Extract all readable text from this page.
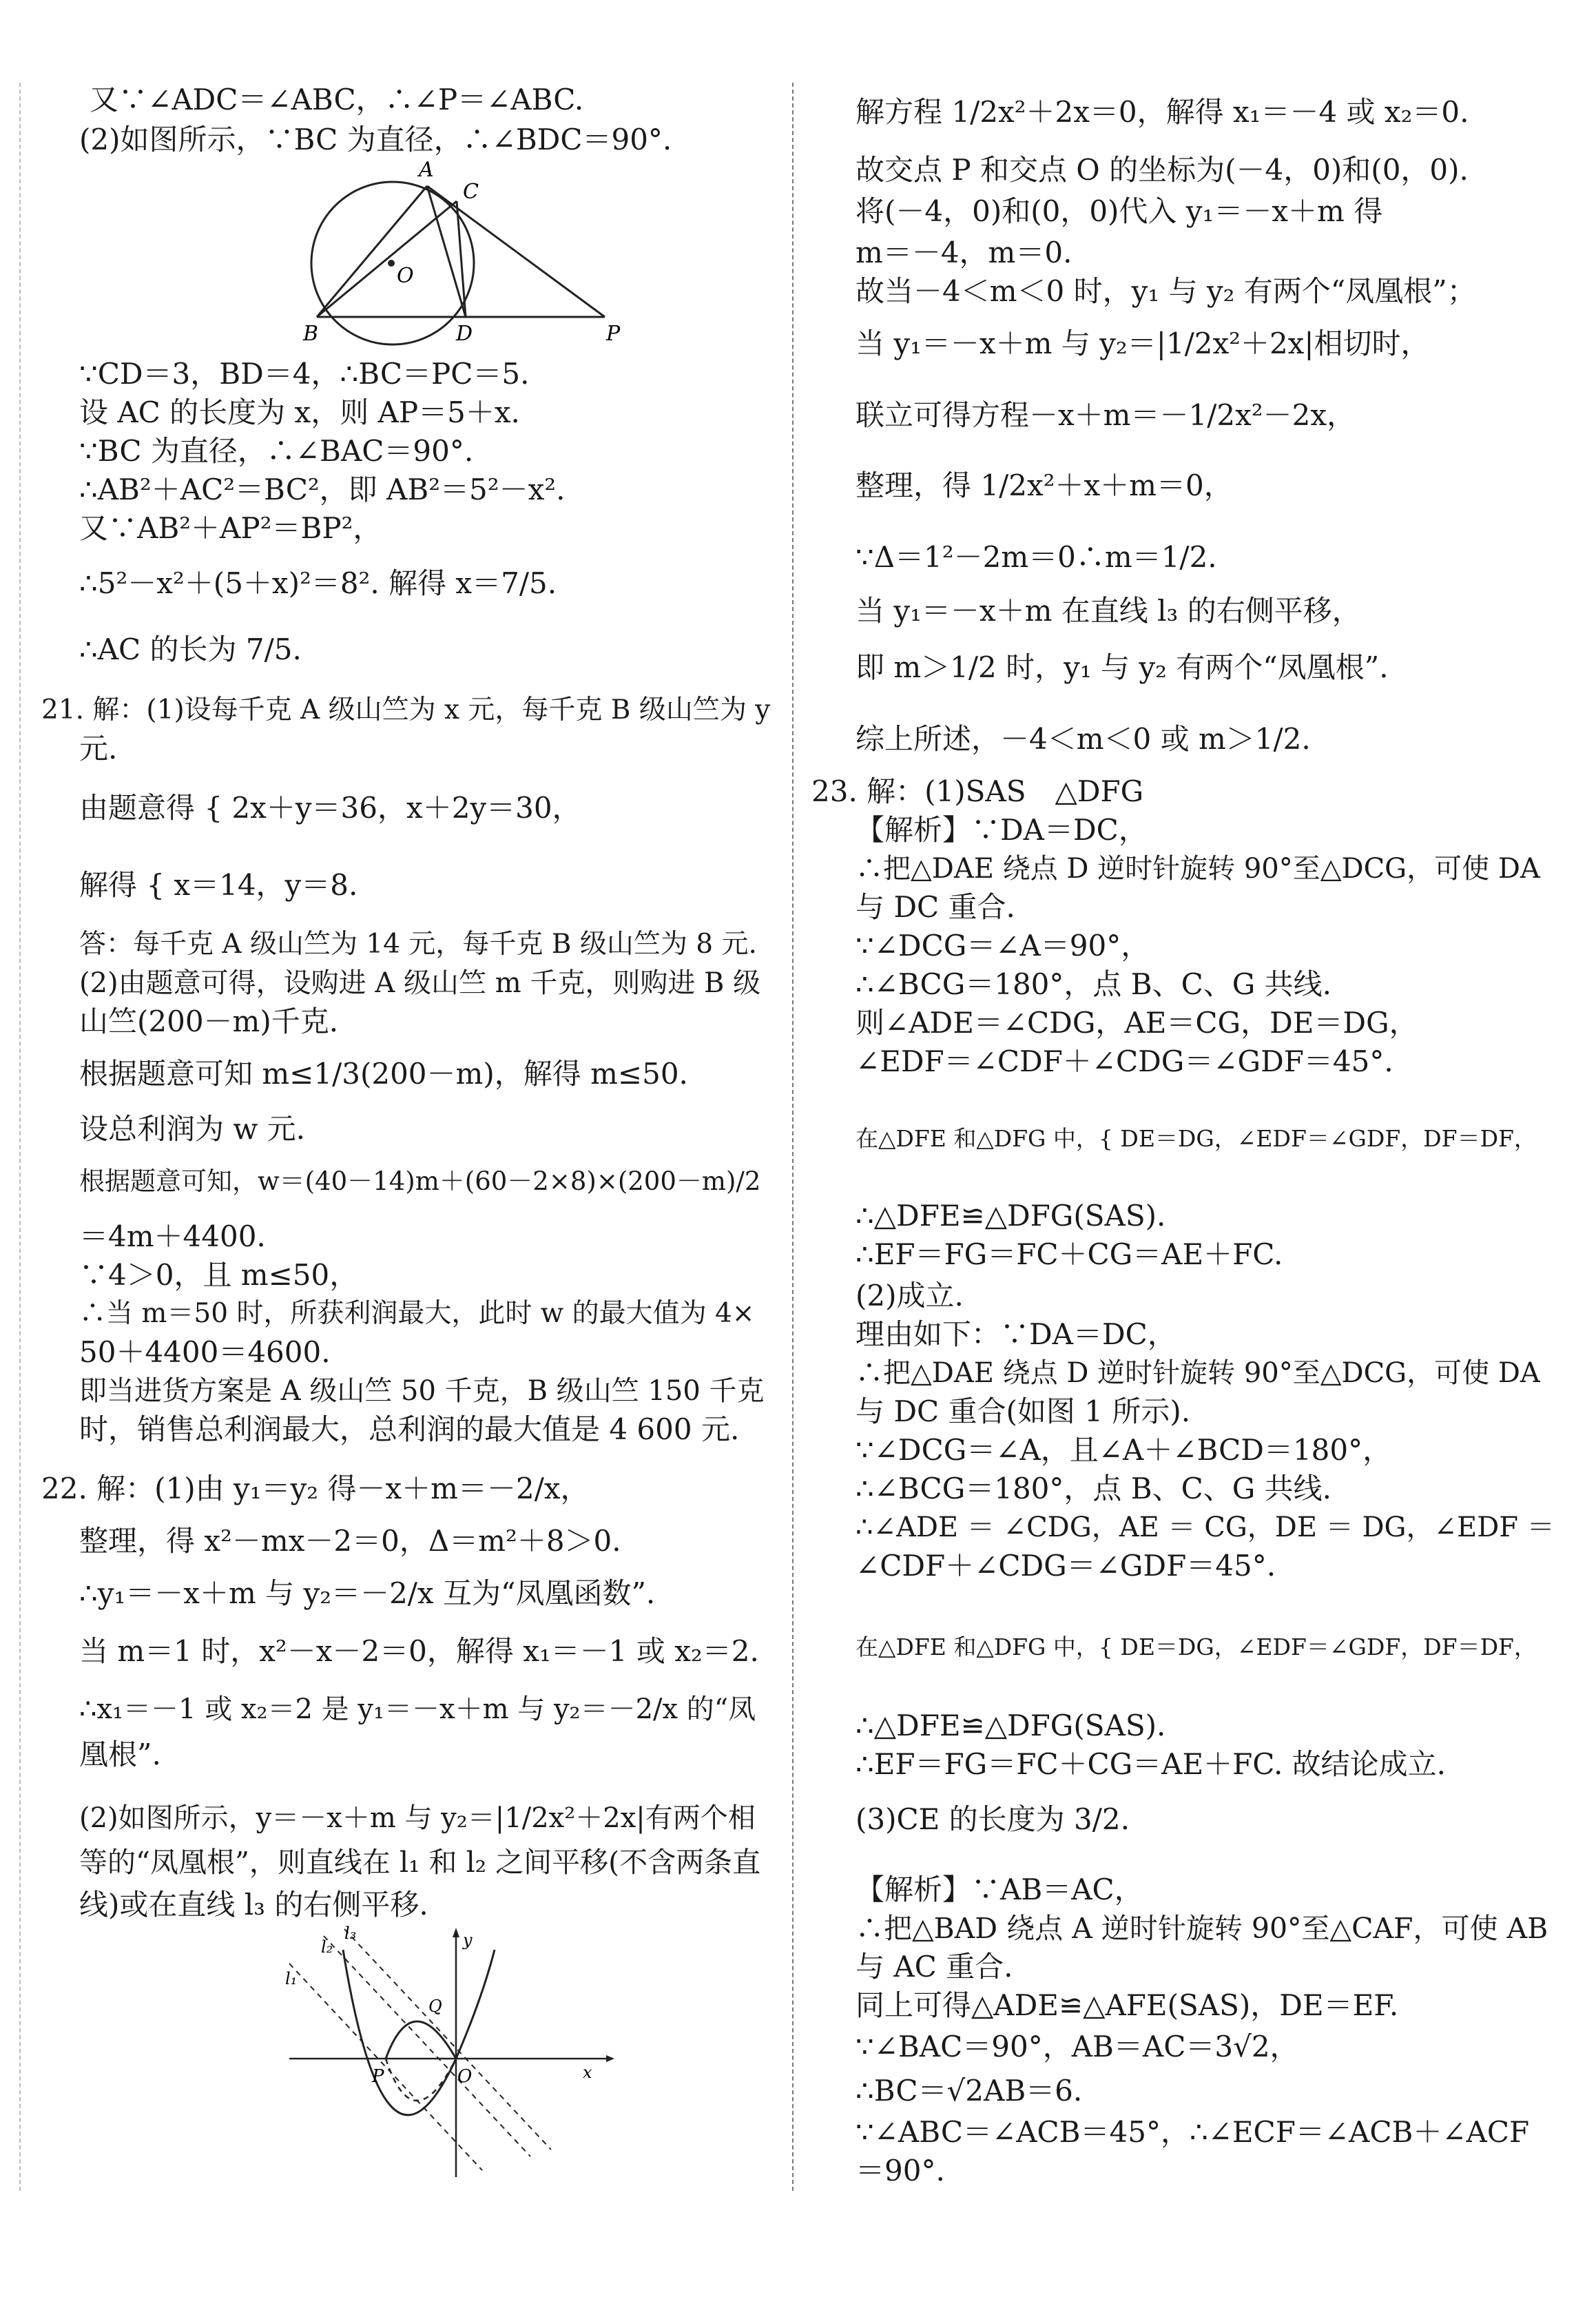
又∵∠ADC＝∠ABC，∴∠P＝∠ABC.
(2)如图所示，∵BC 为直径，∴∠BDC＝90°.
A
C
O
B	D	P
∵CD＝3，BD＝4，∴BC＝PC＝5.
设 AC 的长度为 x，则 AP＝5＋x.
∵BC 为直径，∴∠BAC＝90°.
∴AB²＋AC²＝BC²，即 AB²＝5²－x².
又∵AB²＋AP²＝BP²，
∴5²－x²＋(5＋x)²＝8². 解得 x＝7/5.
∴AC 的长为 7/5.
21. 解：(1)设每千克 A 级山竺为 x 元，每千克 B 级山竺为 y
元.
由题意得 { 2x＋y＝36，x＋2y＝30，
解得 { x＝14，y＝8.
答：每千克 A 级山竺为 14 元，每千克 B 级山竺为 8 元.
(2)由题意可得，设购进 A 级山竺 m 千克，则购进 B 级
山竺(200－m)千克.
根据题意可知 m≤1/3(200－m)，解得 m≤50.
设总利润为 w 元.
根据题意可知，w＝(40－14)m＋(60－2×8)×(200－m)/2
＝4m＋4400.
∵4＞0，且 m≤50，
∴当 m＝50 时，所获利润最大，此时 w 的最大值为 4×
50＋4400＝4600.
即当进货方案是 A 级山竺 50 千克，B 级山竺 150 千克
时，销售总利润最大，总利润的最大值是 4 600 元.
22. 解：(1)由 y₁＝y₂ 得－x＋m＝－2/x，
整理，得 x²－mx－2＝0，Δ＝m²＋8＞0.
∴y₁＝－x＋m 与 y₂＝－2/x 互为“凤凰函数”.
当 m＝1 时，x²－x－2＝0，解得 x₁＝－1 或 x₂＝2.
∴x₁＝－1 或 x₂＝2 是 y₁＝－x＋m 与 y₂＝－2/x 的“凤
凰根”.
(2)如图所示，y＝－x＋m 与 y₂＝|1/2x²＋2x|有两个相
等的“凤凰根”，则直线在 l₁ 和 l₂ 之间平移(不含两条直
线)或在直线 l₃ 的右侧平移.
l₃
l₂
l₁
y
Q
P	O	x
解方程 1/2x²＋2x＝0，解得 x₁＝－4 或 x₂＝0.
故交点 P 和交点 O 的坐标为(－4，0)和(0，0).
将(－4，0)和(0，0)代入 y₁＝－x＋m 得
m＝－4，m＝0.
故当－4＜m＜0 时，y₁ 与 y₂ 有两个“凤凰根”；
当 y₁＝－x＋m 与 y₂＝|1/2x²＋2x|相切时，
联立可得方程－x＋m＝－1/2x²－2x，
整理，得 1/2x²＋x＋m＝0，
∵Δ＝1²－2m＝0∴m＝1/2.
当 y₁＝－x＋m 在直线 l₃ 的右侧平移，
即 m＞1/2 时，y₁ 与 y₂ 有两个“凤凰根”.
综上所述，－4＜m＜0 或 m＞1/2.
23. 解：(1)SAS　△DFG
【解析】∵DA＝DC，
∴把△DAE 绕点 D 逆时针旋转 90°至△DCG，可使 DA
与 DC 重合.
∵∠DCG＝∠A＝90°，
∴∠BCG＝180°，点 B、C、G 共线.
则∠ADE＝∠CDG，AE＝CG，DE＝DG，
∠EDF＝∠CDF＋∠CDG＝∠GDF＝45°.
在△DFE 和△DFG 中，{ DE＝DG，∠EDF＝∠GDF，DF＝DF，
∴△DFE≌△DFG(SAS).
∴EF＝FG＝FC＋CG＝AE＋FC.
(2)成立.
理由如下：∵DA＝DC，
∴把△DAE 绕点 D 逆时针旋转 90°至△DCG，可使 DA
与 DC 重合(如图 1 所示).
∵∠DCG＝∠A，且∠A＋∠BCD＝180°，
∴∠BCG＝180°，点 B、C、G 共线.
∴∠ADE ＝ ∠CDG，AE ＝ CG，DE ＝ DG，∠EDF ＝
∠CDF＋∠CDG＝∠GDF＝45°.
在△DFE 和△DFG 中，{ DE＝DG，∠EDF＝∠GDF，DF＝DF，
∴△DFE≌△DFG(SAS).
∴EF＝FG＝FC＋CG＝AE＋FC. 故结论成立.
(3)CE 的长度为 3/2.
【解析】∵AB＝AC，
∴把△BAD 绕点 A 逆时针旋转 90°至△CAF，可使 AB
与 AC 重合.
同上可得△ADE≌△AFE(SAS)，DE＝EF.
∵∠BAC＝90°，AB＝AC＝3√2，
∴BC＝√2AB＝6.
∵∠ABC＝∠ACB＝45°，∴∠ECF＝∠ACB＋∠ACF
＝90°.
